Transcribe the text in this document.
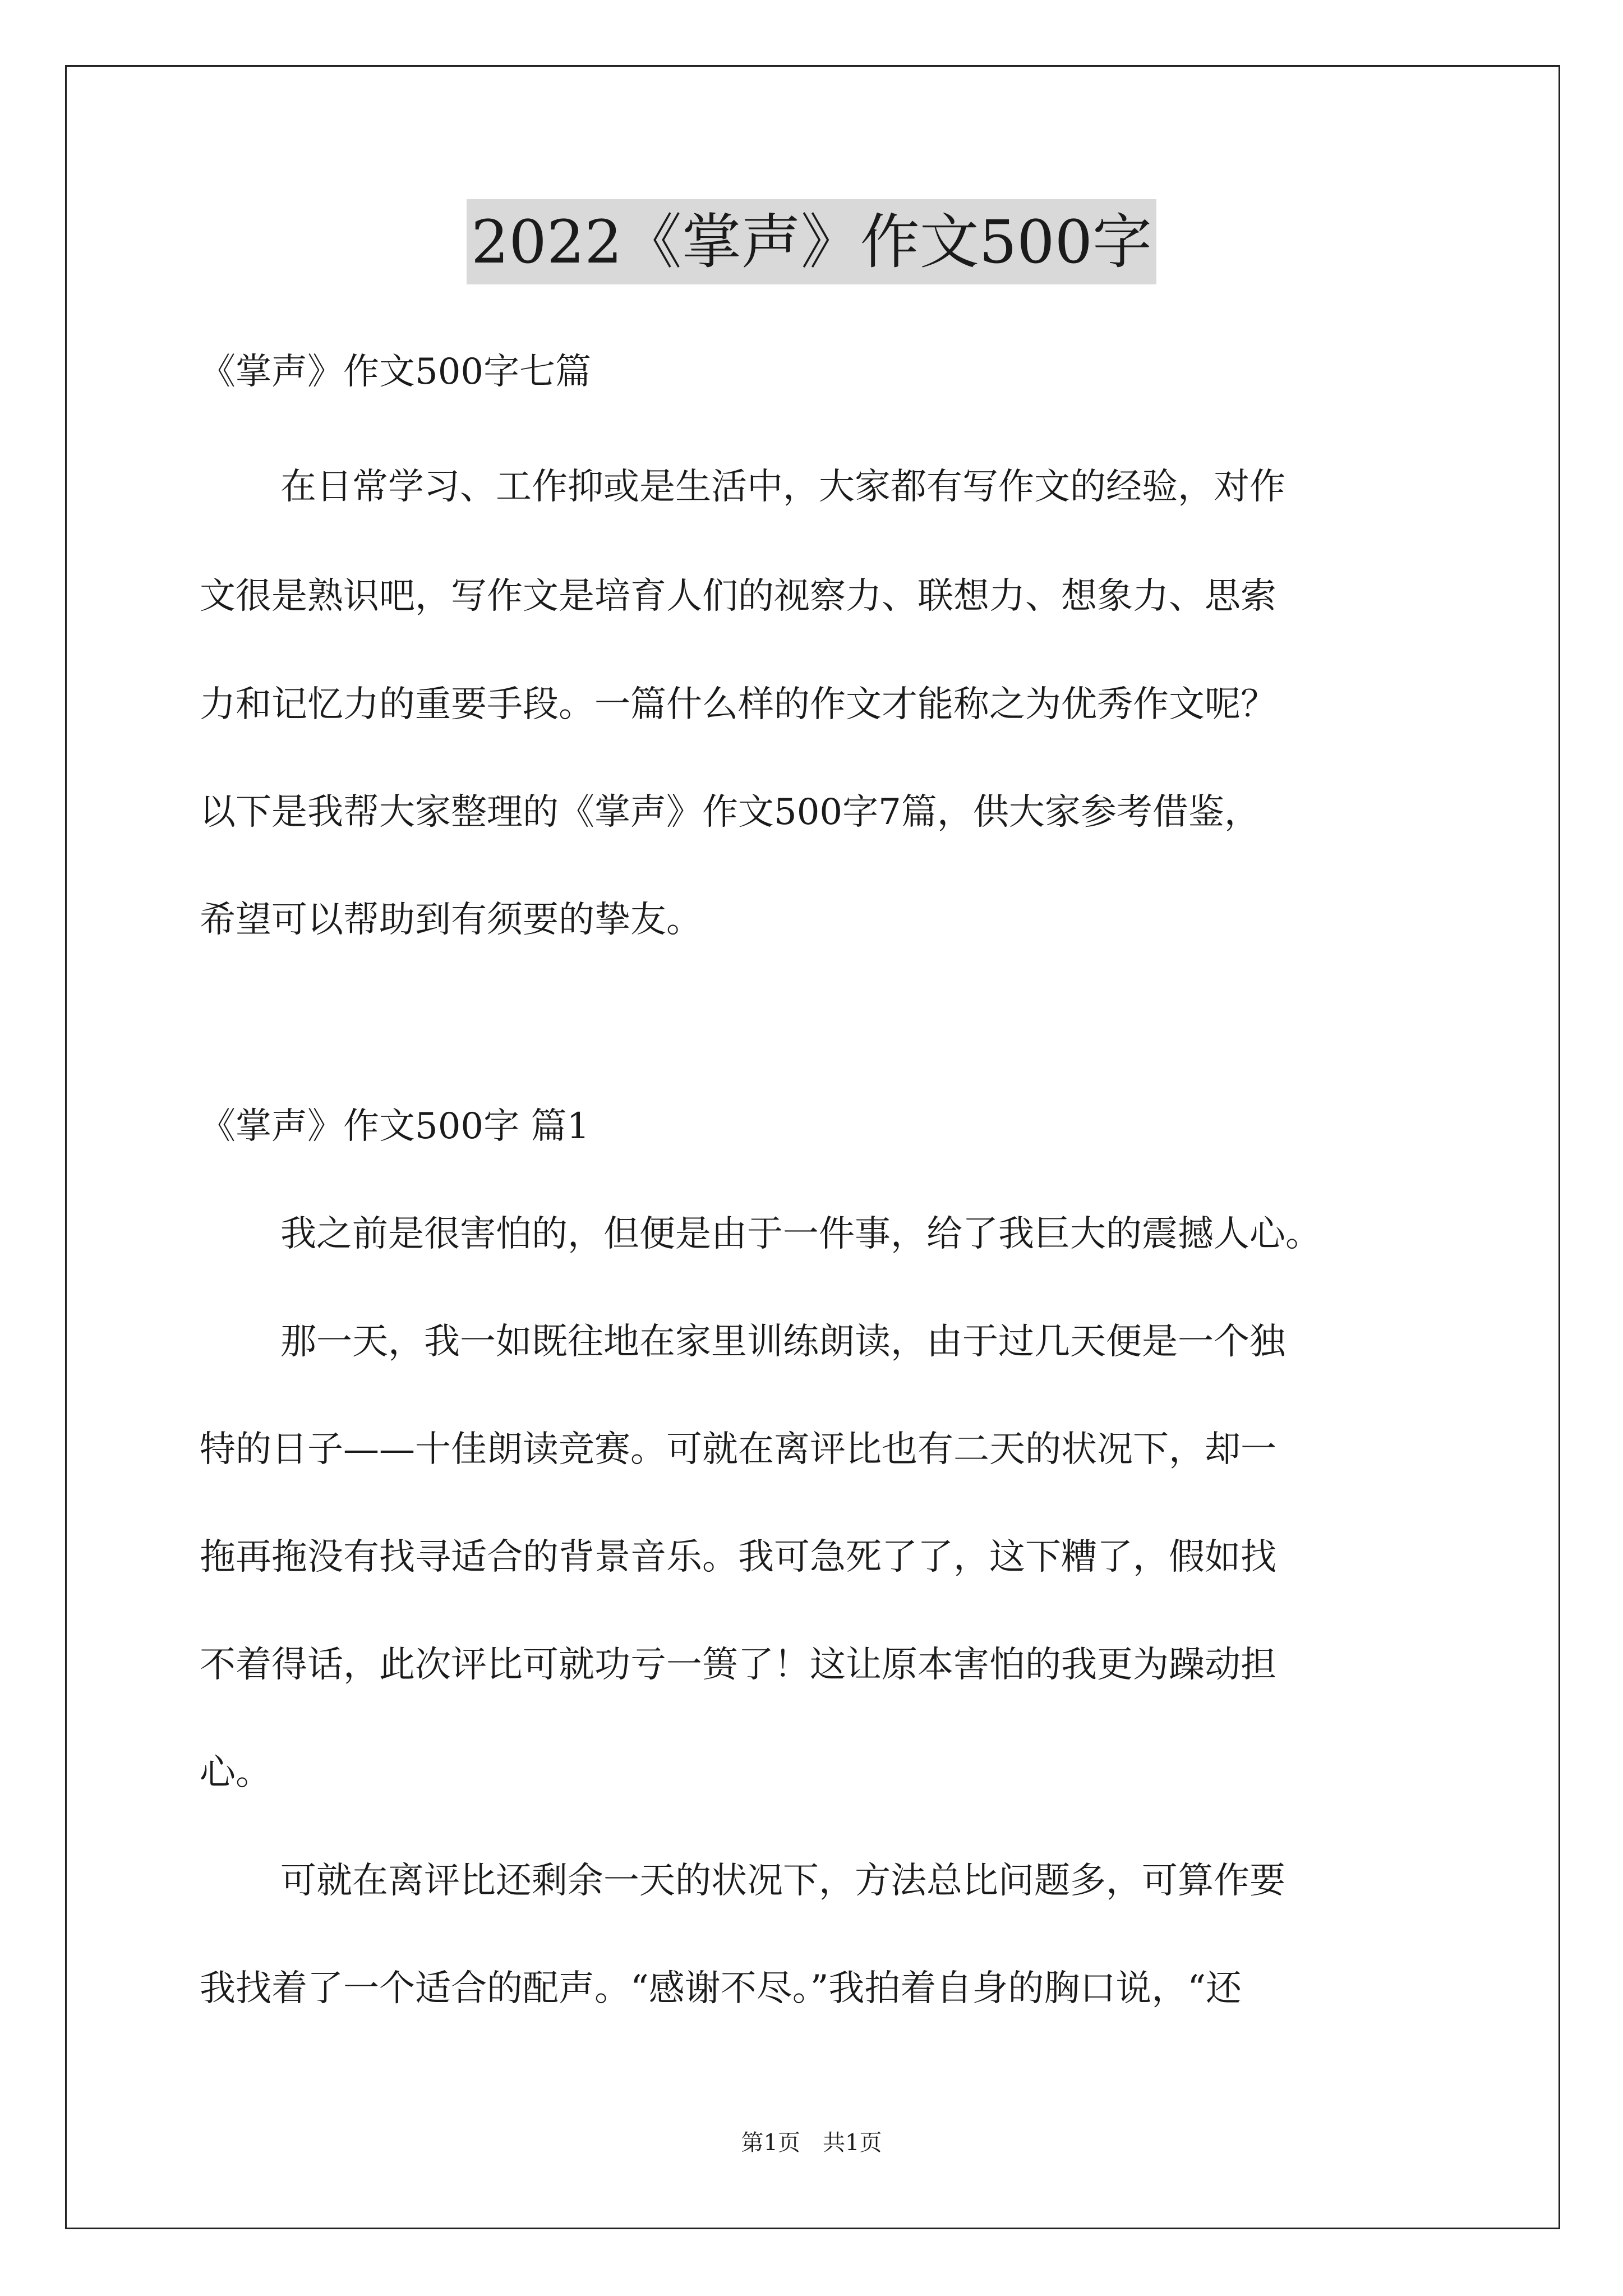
2022《掌声》作文500字
《掌声》作文500字七篇
在日常学习、工作抑或是生活中，大家都有写作文的经验，对作
文很是熟识吧，写作文是培育人们的视察力、联想力、想象力、思索
力和记忆力的重要手段。一篇什么样的作文才能称之为优秀作文呢？
以下是我帮大家整理的《掌声》作文500字7篇，供大家参考借鉴，
希望可以帮助到有须要的挚友。
《掌声》作文500字 篇1
我之前是很害怕的，但便是由于一件事，给了我巨大的震撼人心。
那一天，我一如既往地在家里训练朗读，由于过几天便是一个独
特的日子——十佳朗读竞赛。可就在离评比也有二天的状况下，却一
拖再拖没有找寻适合的背景音乐。我可急死了了，这下糟了，假如找
不着得话，此次评比可就功亏一篑了！这让原本害怕的我更为躁动担
心。
可就在离评比还剩余一天的状况下，方法总比问题多，可算作要
我找着了一个适合的配声。“感谢不尽。”我拍着自身的胸口说，“还
第1页 共1页
